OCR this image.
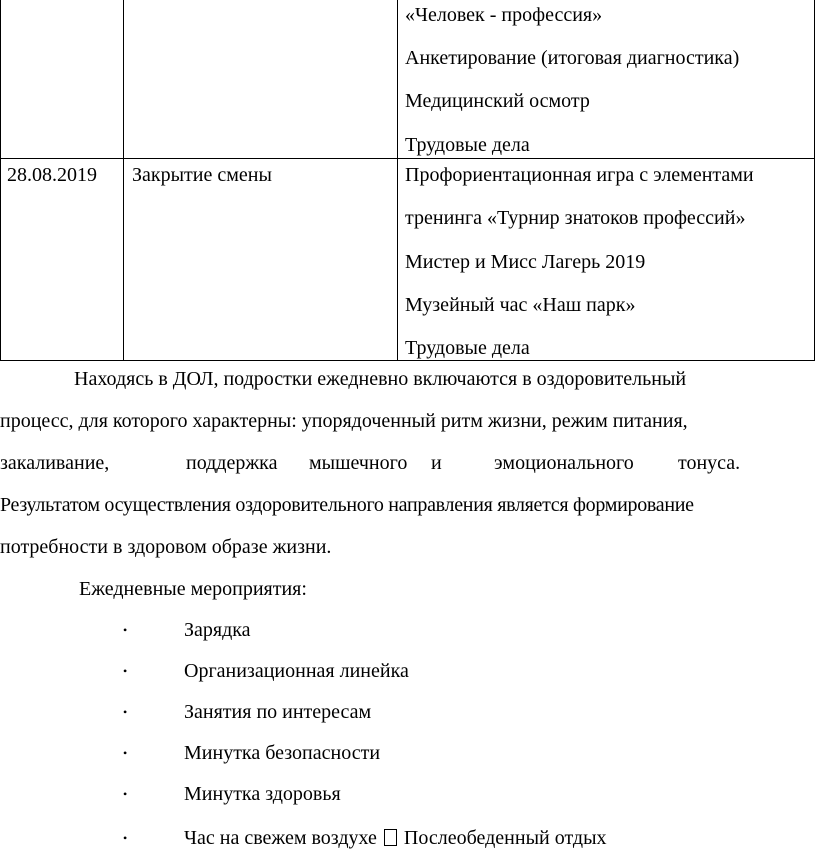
«Человек - профессия»
Анкетирование (итоговая диагностика)
Медицинский осмотр
Трудовые дела
28.08.2019 Закрытие смены	Профориентационная игра с элементами
тренинга «Турнир знатоков профессий»
Мистер и Мисс Лагерь 2019
Музейный час «Наш парк»
Трудовые дела
Находясь в ДОЛ, подростки ежедневно включаются в оздоровительный
процесс, для которого характерны: упорядоченный ритм жизни, режим питания,
закаливание,	поддержка мышечного и	эмоционального тонуса.
Результатом осуществления оздоровительного направления является формирование
потребности в здоровом образе жизни.
Ежедневные мероприятия:
•	Зарядка
•	Организационная линейка
•	Занятия по интересам
•	Минутка безопасности
•	Минутка здоровья
•	Час на свежем воздухе Послеобеденный отдых
